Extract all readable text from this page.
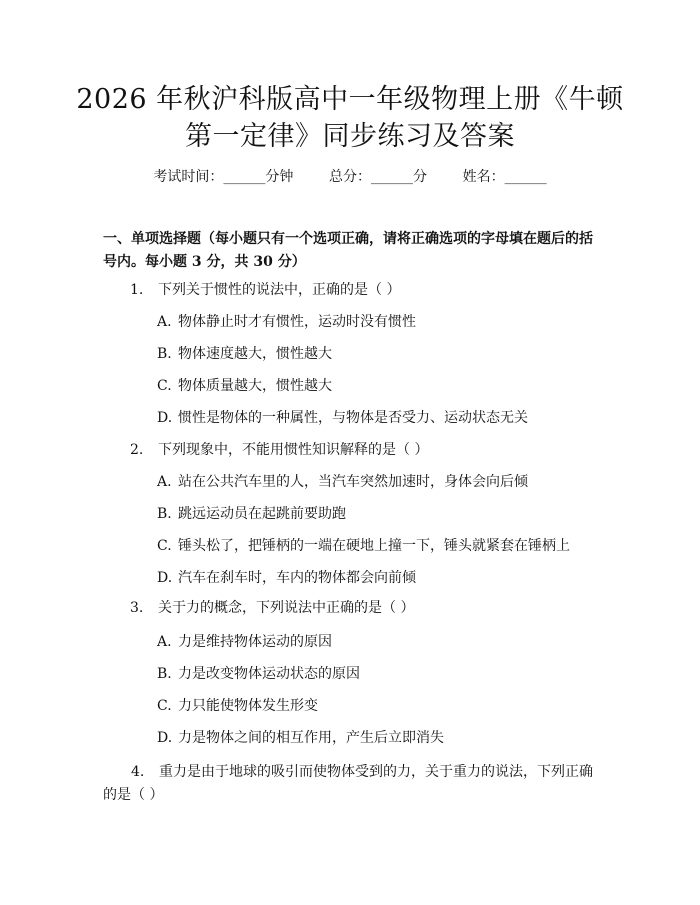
2026 年秋沪科版高中一年级物理上册《牛顿
第一定律》同步练习及答案
考试时间：______分钟	总分：______分	姓名：______
一、单项选择题（每小题只有一个选项正确，请将正确选项的字母填在题后的括号内。每小题 3 分，共 30 分）
1. 下列关于惯性的说法中，正确的是（ ）
A. 物体静止时才有惯性，运动时没有惯性
B. 物体速度越大，惯性越大
C. 物体质量越大，惯性越大
D. 惯性是物体的一种属性，与物体是否受力、运动状态无关
2. 下列现象中，不能用惯性知识解释的是（ ）
A. 站在公共汽车里的人，当汽车突然加速时，身体会向后倾
B. 跳远运动员在起跳前要助跑
C. 锤头松了，把锤柄的一端在硬地上撞一下，锤头就紧套在锤柄上
D. 汽车在刹车时，车内的物体都会向前倾
3. 关于力的概念，下列说法中正确的是（ ）
A. 力是维持物体运动的原因
B. 力是改变物体运动状态的原因
C. 力只能使物体发生形变
D. 力是物体之间的相互作用，产生后立即消失
4. 重力是由于地球的吸引而使物体受到的力，关于重力的说法，下列正确的是（ ）
